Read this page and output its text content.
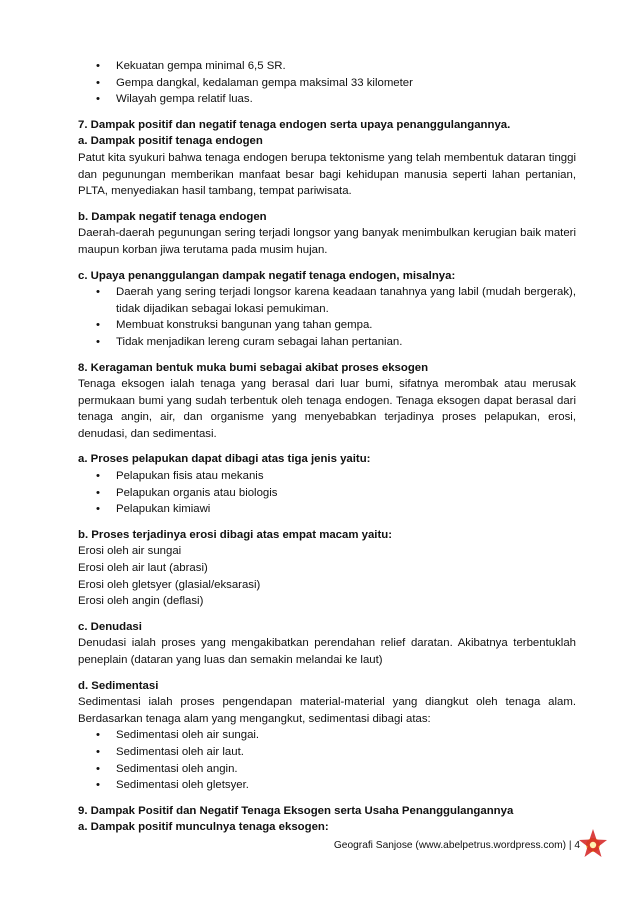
• Kekuatan gempa minimal 6,5 SR.
• Gempa dangkal, kedalaman gempa maksimal 33 kilometer
• Wilayah gempa relatif luas.
7. Dampak positif dan negatif tenaga endogen serta upaya penanggulangannya.
a. Dampak positif tenaga endogen
Patut kita syukuri bahwa tenaga endogen berupa tektonisme yang telah membentuk dataran tinggi dan pegunungan memberikan manfaat besar bagi kehidupan manusia seperti lahan pertanian, PLTA, menyediakan hasil tambang, tempat pariwisata.
b. Dampak negatif tenaga endogen
Daerah-daerah pegunungan sering terjadi longsor yang banyak menimbulkan kerugian baik materi maupun korban jiwa terutama pada musim hujan.
c. Upaya penanggulangan dampak negatif tenaga endogen, misalnya:
• Daerah yang sering terjadi longsor karena keadaan tanahnya yang labil (mudah bergerak), tidak dijadikan sebagai lokasi pemukiman.
• Membuat konstruksi bangunan yang tahan gempa.
• Tidak menjadikan lereng curam sebagai lahan pertanian.
8. Keragaman bentuk muka bumi sebagai akibat proses eksogen
Tenaga eksogen ialah tenaga yang berasal dari luar bumi, sifatnya merombak atau merusak permukaan bumi yang sudah terbentuk oleh tenaga endogen. Tenaga eksogen dapat berasal dari tenaga angin, air, dan organisme yang menyebabkan terjadinya proses pelapukan, erosi, denudasi, dan sedimentasi.
a. Proses pelapukan dapat dibagi atas tiga jenis yaitu:
• Pelapukan fisis atau mekanis
• Pelapukan organis atau biologis
• Pelapukan kimiawi
b. Proses terjadinya erosi dibagi atas empat macam yaitu:
Erosi oleh air sungai
Erosi oleh air laut (abrasi)
Erosi oleh gletsyer (glasial/eksarasi)
Erosi oleh angin (deflasi)
c. Denudasi
Denudasi ialah proses yang mengakibatkan perendahan relief daratan. Akibatnya terbentuklah peneplain (dataran yang luas dan semakin melandai ke laut)
d. Sedimentasi
Sedimentasi ialah proses pengendapan material-material yang diangkut oleh tenaga alam. Berdasarkan tenaga alam yang mengangkut, sedimentasi dibagi atas:
• Sedimentasi oleh air sungai.
• Sedimentasi oleh air laut.
• Sedimentasi oleh angin.
• Sedimentasi oleh gletsyer.
9. Dampak Positif dan Negatif Tenaga Eksogen serta Usaha Penanggulangannya
a. Dampak positif munculnya tenaga eksogen:
Geografi Sanjose (www.abelpetrus.wordpress.com) | 4
